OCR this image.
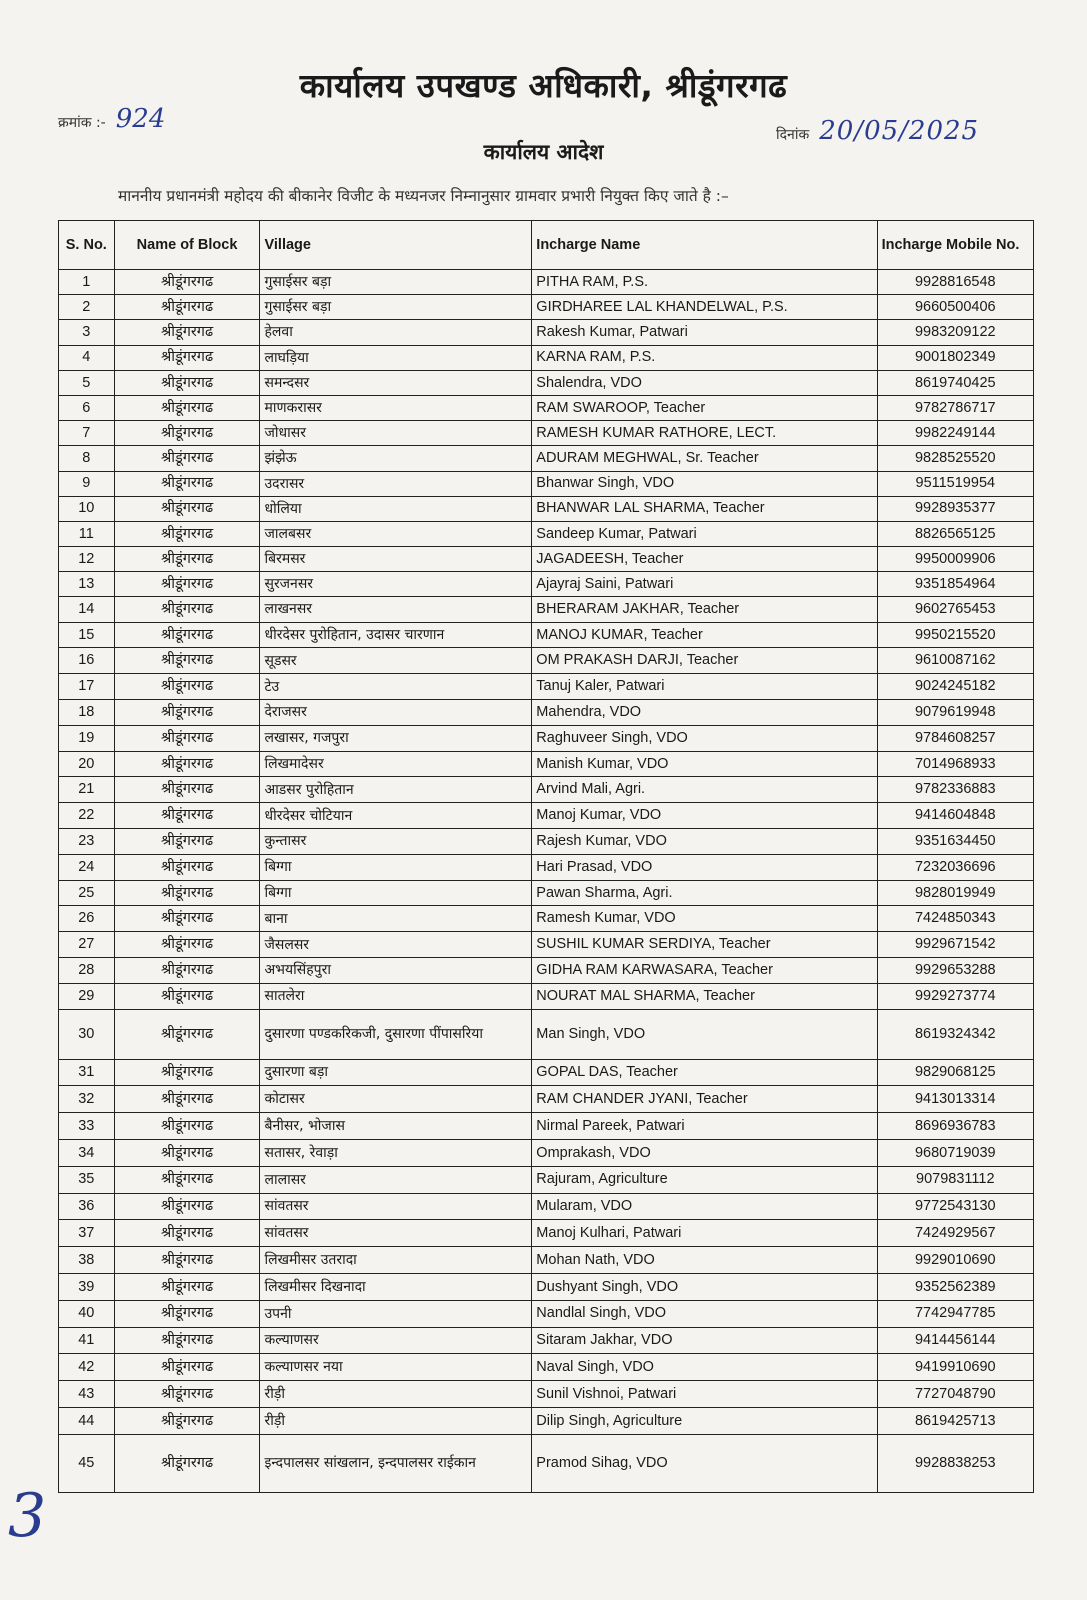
कार्यालय उपखण्ड अधिकारी, श्रीडूंगरगढ
क्रमांक :- 924
दिनांक 20/05/2025
कार्यालय आदेश
माननीय प्रधानमंत्री महोदय की बीकानेर विजीट के मध्यनजर निम्नानुसार ग्रामवार प्रभारी नियुक्त किए जाते है :–
S. No.	Name of Block	Village	Incharge Name	Incharge Mobile No.
1	श्रीडूंगरगढ	गुसाईसर बड़ा	PITHA RAM, P.S.	9928816548
2	श्रीडूंगरगढ	गुसाईसर बड़ा	GIRDHAREE LAL KHANDELWAL, P.S.	9660500406
3	श्रीडूंगरगढ	हेलवा	Rakesh Kumar, Patwari	9983209122
4	श्रीडूंगरगढ	लाघड़िया	KARNA RAM, P.S.	9001802349
5	श्रीडूंगरगढ	समन्दसर	Shalendra, VDO	8619740425
6	श्रीडूंगरगढ	माणकरासर	RAM SWAROOP, Teacher	9782786717
7	श्रीडूंगरगढ	जोधासर	RAMESH KUMAR RATHORE, LECT.	9982249144
8	श्रीडूंगरगढ	झंझेऊ	ADURAM MEGHWAL, Sr. Teacher	9828525520
9	श्रीडूंगरगढ	उदरासर	Bhanwar Singh, VDO	9511519954
10	श्रीडूंगरगढ	धोलिया	BHANWAR LAL SHARMA, Teacher	9928935377
11	श्रीडूंगरगढ	जालबसर	Sandeep Kumar, Patwari	8826565125
12	श्रीडूंगरगढ	बिरमसर	JAGADEESH, Teacher	9950009906
13	श्रीडूंगरगढ	सुरजनसर	Ajayraj Saini, Patwari	9351854964
14	श्रीडूंगरगढ	लाखनसर	BHERARAM JAKHAR, Teacher	9602765453
15	श्रीडूंगरगढ	धीरदेसर पुरोहितान, उदासर चारणान	MANOJ KUMAR, Teacher	9950215520
16	श्रीडूंगरगढ	सूडसर	OM PRAKASH DARJI, Teacher	9610087162
17	श्रीडूंगरगढ	टेउ	Tanuj Kaler, Patwari	9024245182
18	श्रीडूंगरगढ	देराजसर	Mahendra, VDO	9079619948
19	श्रीडूंगरगढ	लखासर, गजपुरा	Raghuveer Singh, VDO	9784608257
20	श्रीडूंगरगढ	लिखमादेसर	Manish Kumar, VDO	7014968933
21	श्रीडूंगरगढ	आडसर पुरोहितान	Arvind Mali, Agri.	9782336883
22	श्रीडूंगरगढ	धीरदेसर चोटियान	Manoj Kumar, VDO	9414604848
23	श्रीडूंगरगढ	कुन्तासर	Rajesh Kumar, VDO	9351634450
24	श्रीडूंगरगढ	बिग्गा	Hari Prasad, VDO	7232036696
25	श्रीडूंगरगढ	बिग्गा	Pawan Sharma, Agri.	9828019949
26	श्रीडूंगरगढ	बाना	Ramesh Kumar, VDO	7424850343
27	श्रीडूंगरगढ	जैसलसर	SUSHIL KUMAR SERDIYA, Teacher	9929671542
28	श्रीडूंगरगढ	अभयसिंहपुरा	GIDHA RAM KARWASARA, Teacher	9929653288
29	श्रीडूंगरगढ	सातलेरा	NOURAT MAL SHARMA, Teacher	9929273774
30	श्रीडूंगरगढ	दुसारणा पण्डकरिकजी, दुसारणा पींपासरिया	Man Singh, VDO	8619324342
31	श्रीडूंगरगढ	दुसारणा बड़ा	GOPAL DAS, Teacher	9829068125
32	श्रीडूंगरगढ	कोटासर	RAM CHANDER JYANI, Teacher	9413013314
33	श्रीडूंगरगढ	बैनीसर, भोजास	Nirmal Pareek, Patwari	8696936783
34	श्रीडूंगरगढ	सतासर, रेवाड़ा	Omprakash, VDO	9680719039
35	श्रीडूंगरगढ	लालासर	Rajuram, Agriculture	9079831112
36	श्रीडूंगरगढ	सांवतसर	Mularam, VDO	9772543130
37	श्रीडूंगरगढ	सांवतसर	Manoj Kulhari, Patwari	7424929567
38	श्रीडूंगरगढ	लिखमीसर उतरादा	Mohan Nath, VDO	9929010690
39	श्रीडूंगरगढ	लिखमीसर दिखनादा	Dushyant Singh, VDO	9352562389
40	श्रीडूंगरगढ	उपनी	Nandlal Singh, VDO	7742947785
41	श्रीडूंगरगढ	कल्याणसर	Sitaram Jakhar, VDO	9414456144
42	श्रीडूंगरगढ	कल्याणसर नया	Naval Singh, VDO	9419910690
43	श्रीडूंगरगढ	रीड़ी	Sunil Vishnoi, Patwari	7727048790
44	श्रीडूंगरगढ	रीड़ी	Dilip Singh, Agriculture	8619425713
45	श्रीडूंगरगढ	इन्दपालसर सांखलान, इन्दपालसर राईकान	Pramod Sihag, VDO	9928838253
3
